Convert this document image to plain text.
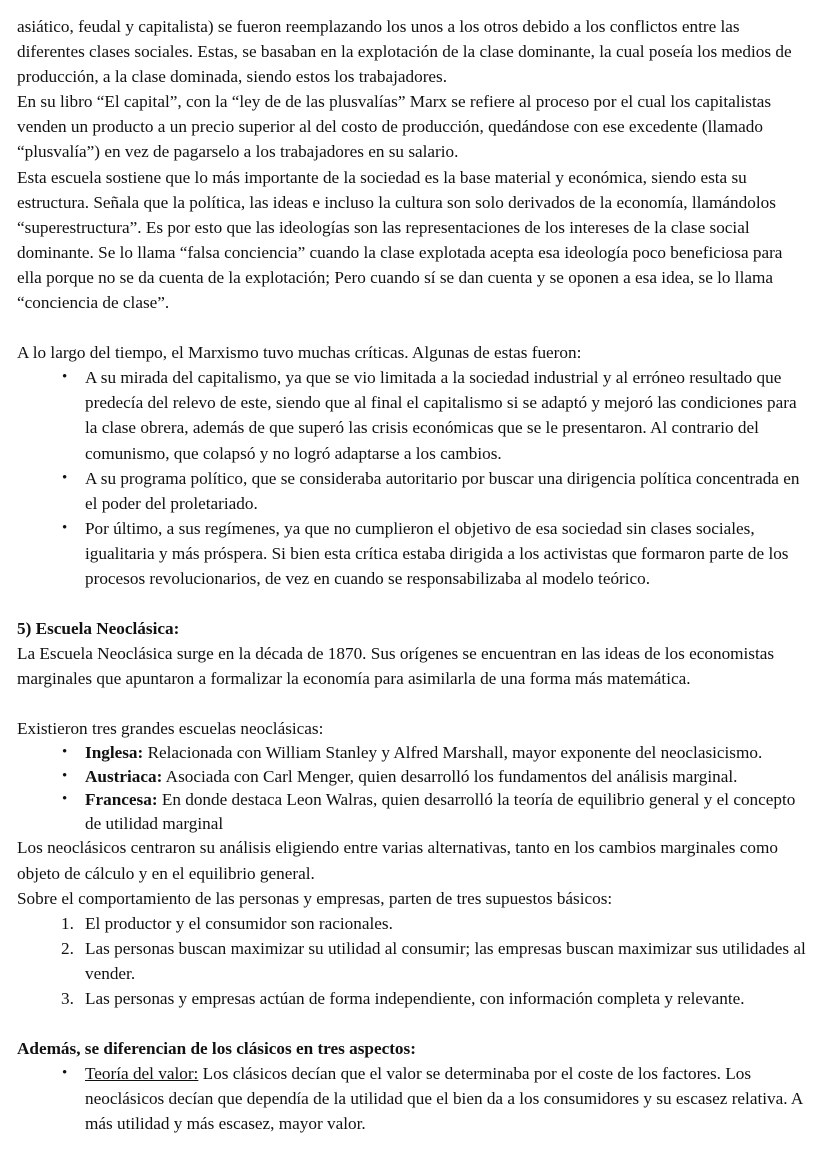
asiático, feudal y capitalista) se fueron reemplazando los unos a los otros debido a los conflictos entre las diferentes clases sociales. Estas, se basaban en la explotación de la clase dominante, la cual poseía los medios de producción, a la clase dominada, siendo estos los trabajadores.

En su libro “El capital”, con la “ley de de las plusvalías” Marx se refiere al proceso por el cual los capitalistas venden un producto a un precio superior al del costo de producción, quedándose con ese excedente (llamado “plusvalía”) en vez de pagarselo a los trabajadores en su salario.

Esta escuela sostiene que lo más importante de la sociedad es la base material y económica, siendo esta su estructura. Señala que la política, las ideas e incluso la cultura son solo derivados de la economía, llamándolos “superestructura”. Es por esto que las ideologías son las representaciones de los intereses de la clase social dominante. Se lo llama “falsa conciencia” cuando la clase explotada acepta esa ideología poco beneficiosa para ella porque no se da cuenta de la explotación; Pero cuando sí se dan cuenta y se oponen a esa idea, se lo llama “conciencia de clase”.

A lo largo del tiempo, el Marxismo tuvo muchas críticas. Algunas de estas fueron:

• A su mirada del capitalismo, ya que se vio limitada a la sociedad industrial y al erróneo resultado que predecía del relevo de este, siendo que al final el capitalismo si se adaptó y mejoró las condiciones para la clase obrera, además de que superó las crisis económicas que se le presentaron. Al contrario del comunismo, que colapsó y no logró adaptarse a los cambios.
• A su programa político, que se consideraba autoritario por buscar una dirigencia política concentrada en el poder del proletariado.
• Por último, a sus regímenes, ya que no cumplieron el objetivo de esa sociedad sin clases sociales, igualitaria y más próspera. Si bien esta crítica estaba dirigida a los activistas que formaron parte de los procesos revolucionarios, de vez en cuando se responsabilizaba al modelo teórico.
5) Escuela Neoclásica:

La Escuela Neoclásica surge en la década de 1870. Sus orígenes se encuentran en las ideas de los economistas marginales que apuntaron a formalizar la economía para asimilarla de una forma más matemática.

Existieron tres grandes escuelas neoclásicas:

• Inglesa: Relacionada con William Stanley y Alfred Marshall, mayor exponente del neoclasicismo.
• Austriaca: Asociada con Carl Menger, quien desarrolló los fundamentos del análisis marginal.
• Francesa: En donde destaca Leon Walras, quien desarrolló la teoría de equilibrio general y el concepto de utilidad marginal

Los neoclásicos centraron su análisis eligiendo entre varias alternativas, tanto en los cambios marginales como objeto de cálculo y en el equilibrio general.

Sobre el comportamiento de las personas y empresas, parten de tres supuestos básicos:

El productor y el consumidor son racionales.
Las personas buscan maximizar su utilidad al consumir; las empresas buscan maximizar sus utilidades al vender.
Las personas y empresas actúan de forma independiente, con información completa y relevante.
Además, se diferencian de los clásicos en tres aspectos:
• Teoría del valor: Los clásicos decían que el valor se determinaba por el coste de los factores. Los neoclásicos decían que dependía de la utilidad que el bien da a los consumidores y su escasez relativa. A más utilidad y más escasez, mayor valor.
